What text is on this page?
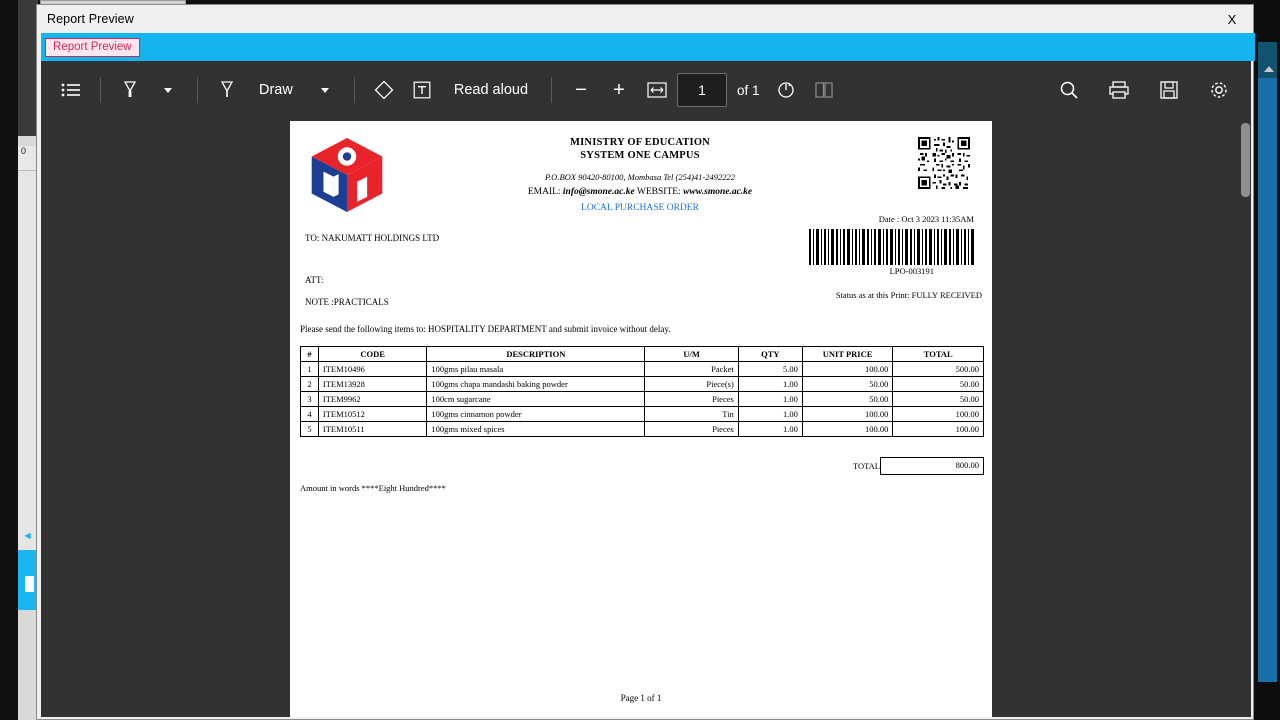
0
◄
Report Preview	X
Report Preview
Draw	Read aloud	−	+
1	of 1
MINISTRY OF EDUCATION
SYSTEM ONE CAMPUS
P.O.BOX 90420-80100, Mombasa Tel (254)41-2492222
EMAIL: info@smone.ac.ke WEBSITE: www.smone.ac.ke
LOCAL PURCHASE ORDER
Date : Oct 3 2023 11:35AM
LPO-003191
Status as at this Print: FULLY RECEIVED
TO: NAKUMATT HOLDINGS LTD
ATT:
NOTE :PRACTICALS
Please send the following items to: HOSPITALITY DEPARTMENT and submit invoice without delay.
#	CODE	DESCRIPTION	U/M	QTY	UNIT PRICE	TOTAL
1	ITEM10496	100gms pilau masala	Packet	5.00	100.00	500.00
2	ITEM13928	100gms chapa mandashi baking powder	Piece(s)	1.00	50.00	50.00
3	ITEM9962	100cm sugarcane	Pieces	1.00	50.00	50.00
4	ITEM10512	100gms cinnamon powder	Tin	1.00	100.00	100.00
5	ITEM10511	100gms mixed spices	Pieces	1.00	100.00	100.00
TOTAL	800.00
Amount in words ****Eight Hundred****
Page 1 of 1
